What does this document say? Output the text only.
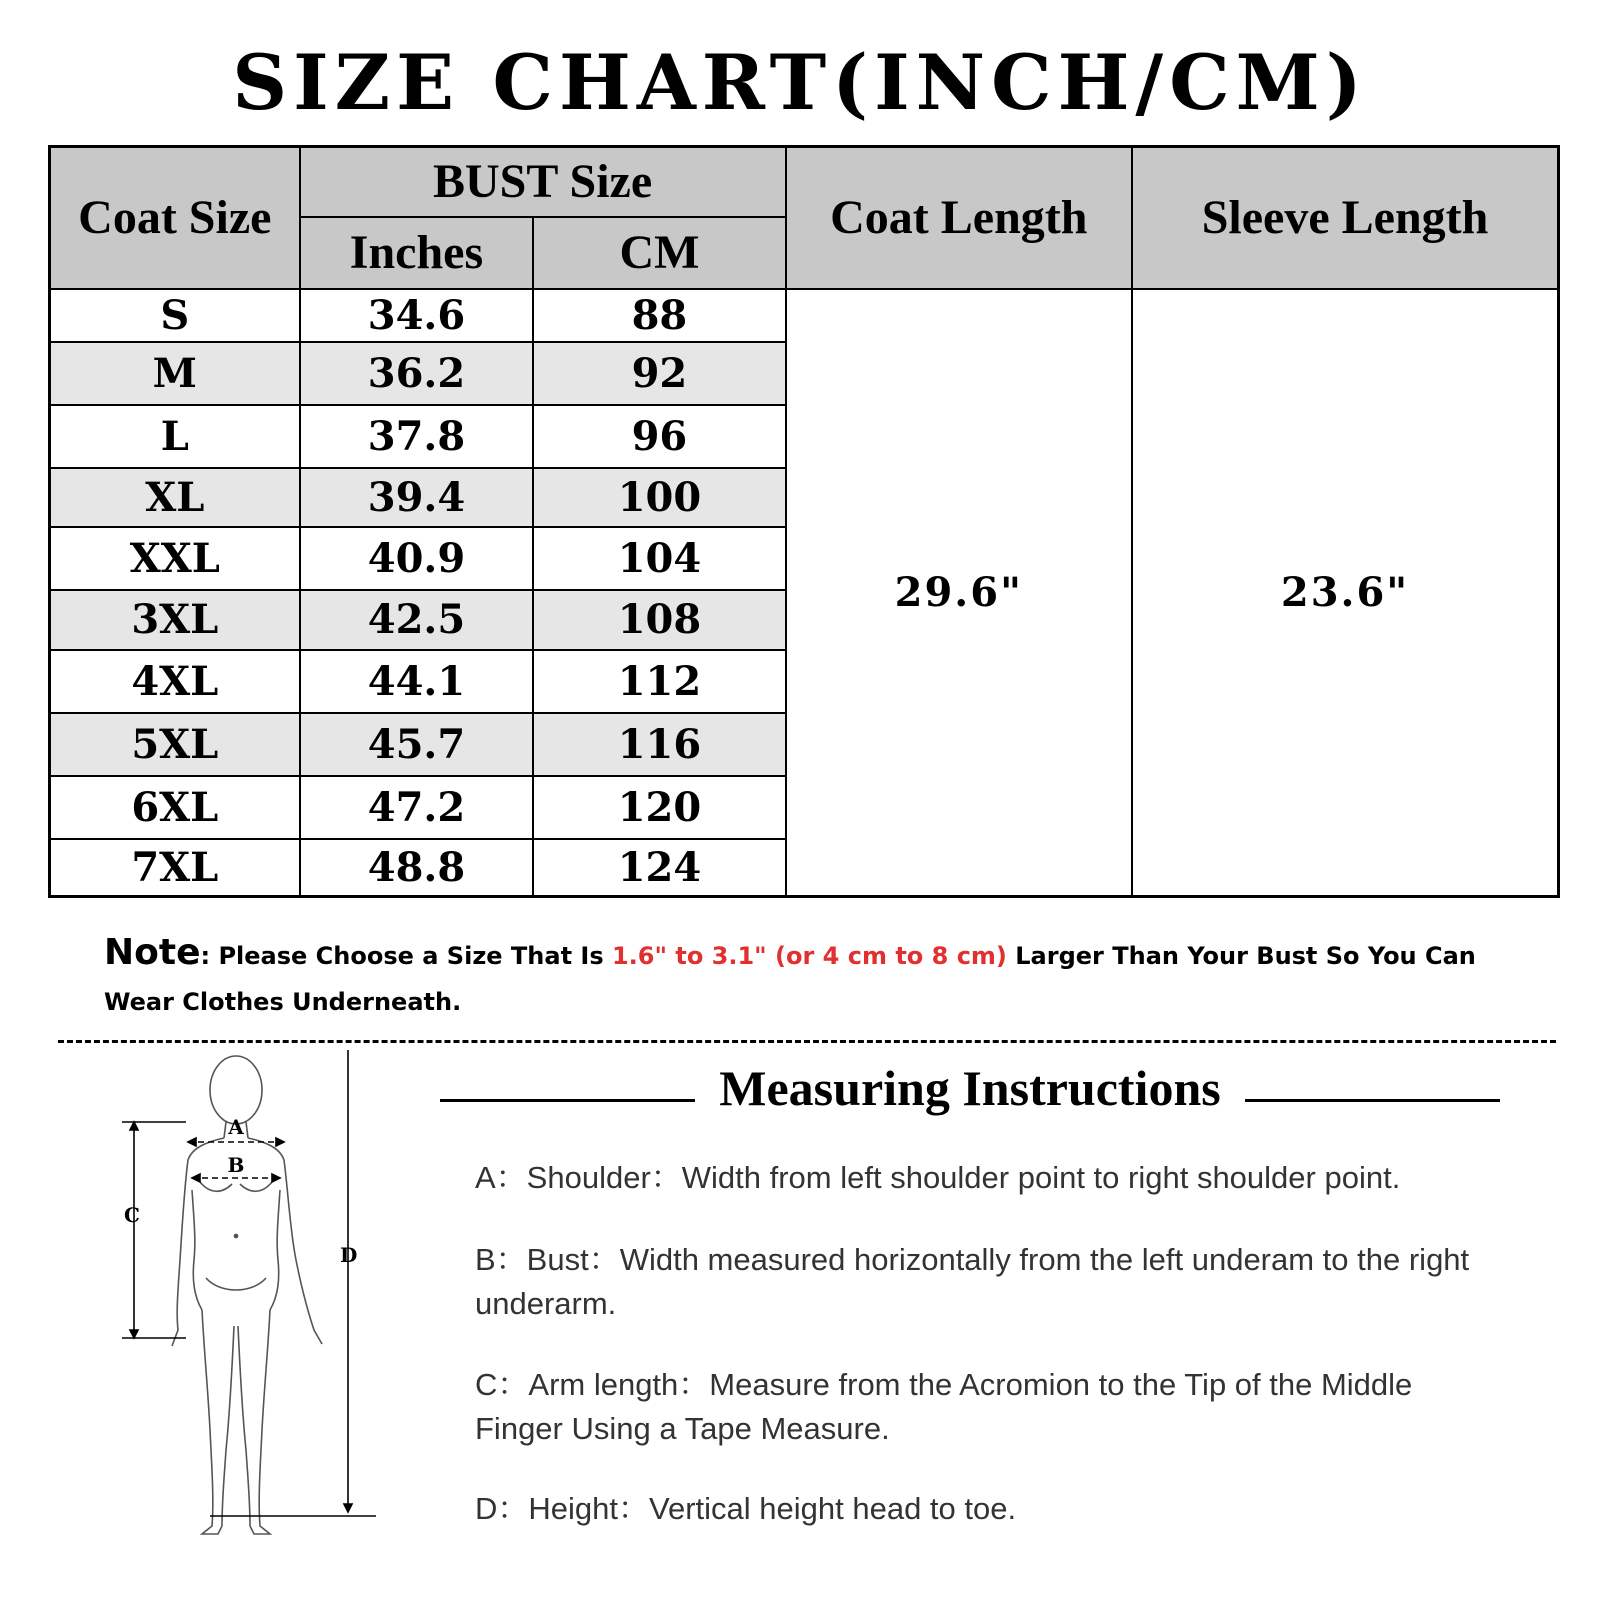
SIZE CHART(INCH/CM)
Coat Size	BUST Size		Coat Length	Sleeve Length
	Inches	CM		
S	34.6	88	29.6"	23.6"
M	36.2	92		
L	37.8	96		
XL	39.4	100		
XXL	40.9	104		
3XL	42.5	108		
4XL	44.1	112		
5XL	45.7	116		
6XL	47.2	120		
7XL	48.8	124		
Note: Please Choose a Size That Is 1.6" to 3.1" (or 4 cm to 8 cm) Larger Than Your Bust So You Can Wear Clothes Underneath.
A
B
C
D
Measuring Instructions
A：Shoulder：Width from left shoulder point to right shoulder point.
B：Bust：Width measured horizontally from the left underam to the right underarm.
C：Arm length：Measure from the Acromion to the Tip of the Middle Finger Using a Tape Measure.
D：Height：Vertical height head to toe.
